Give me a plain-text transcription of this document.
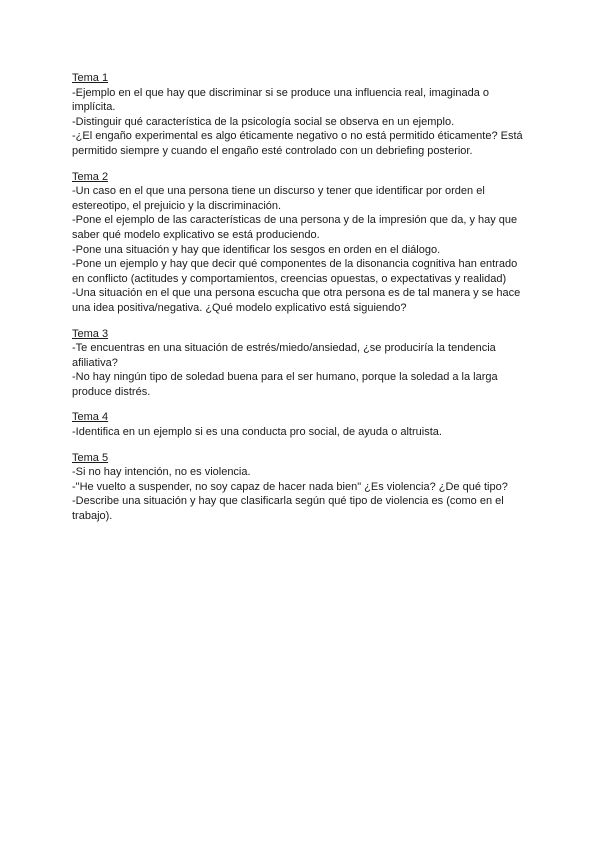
Tema 1

-Ejemplo en el que hay que discriminar si se produce una influencia real, imaginada o implícita.

-Distinguir qué característica de la psicología social se observa en un ejemplo.

-¿El engaño experimental es algo éticamente negativo o no está permitido éticamente? Está permitido siempre y cuando el engaño esté controlado con un debriefing posterior.

Tema 2

-Un caso en el que una persona tiene un discurso y tener que identificar por orden el estereotipo, el prejuicio y la discriminación.

-Pone el ejemplo de las características de una persona y de la impresión que da, y hay que saber qué modelo explicativo se está produciendo.

-Pone una situación y hay que identificar los sesgos en orden en el diálogo.

-Pone un ejemplo y hay que decir qué componentes de la disonancia cognitiva han entrado en conflicto (actitudes y comportamientos, creencias opuestas, o expectativas y realidad)

-Una situación en el que una persona escucha que otra persona es de tal manera y se hace una idea positiva/negativa. ¿Qué modelo explicativo está siguiendo?

Tema 3

-Te encuentras en una situación de estrés/miedo/ansiedad, ¿se produciría la tendencia afiliativa?

-No hay ningún tipo de soledad buena para el ser humano, porque la soledad a la larga produce distrés.

Tema 4

-Identifica en un ejemplo si es una conducta pro social, de ayuda o altruista.

Tema 5

-Si no hay intención, no es violencia.

-"He vuelto a suspender, no soy capaz de hacer nada bien" ¿Es violencia? ¿De qué tipo?

-Describe una situación y hay que clasificarla según qué tipo de violencia es (como en el trabajo).
